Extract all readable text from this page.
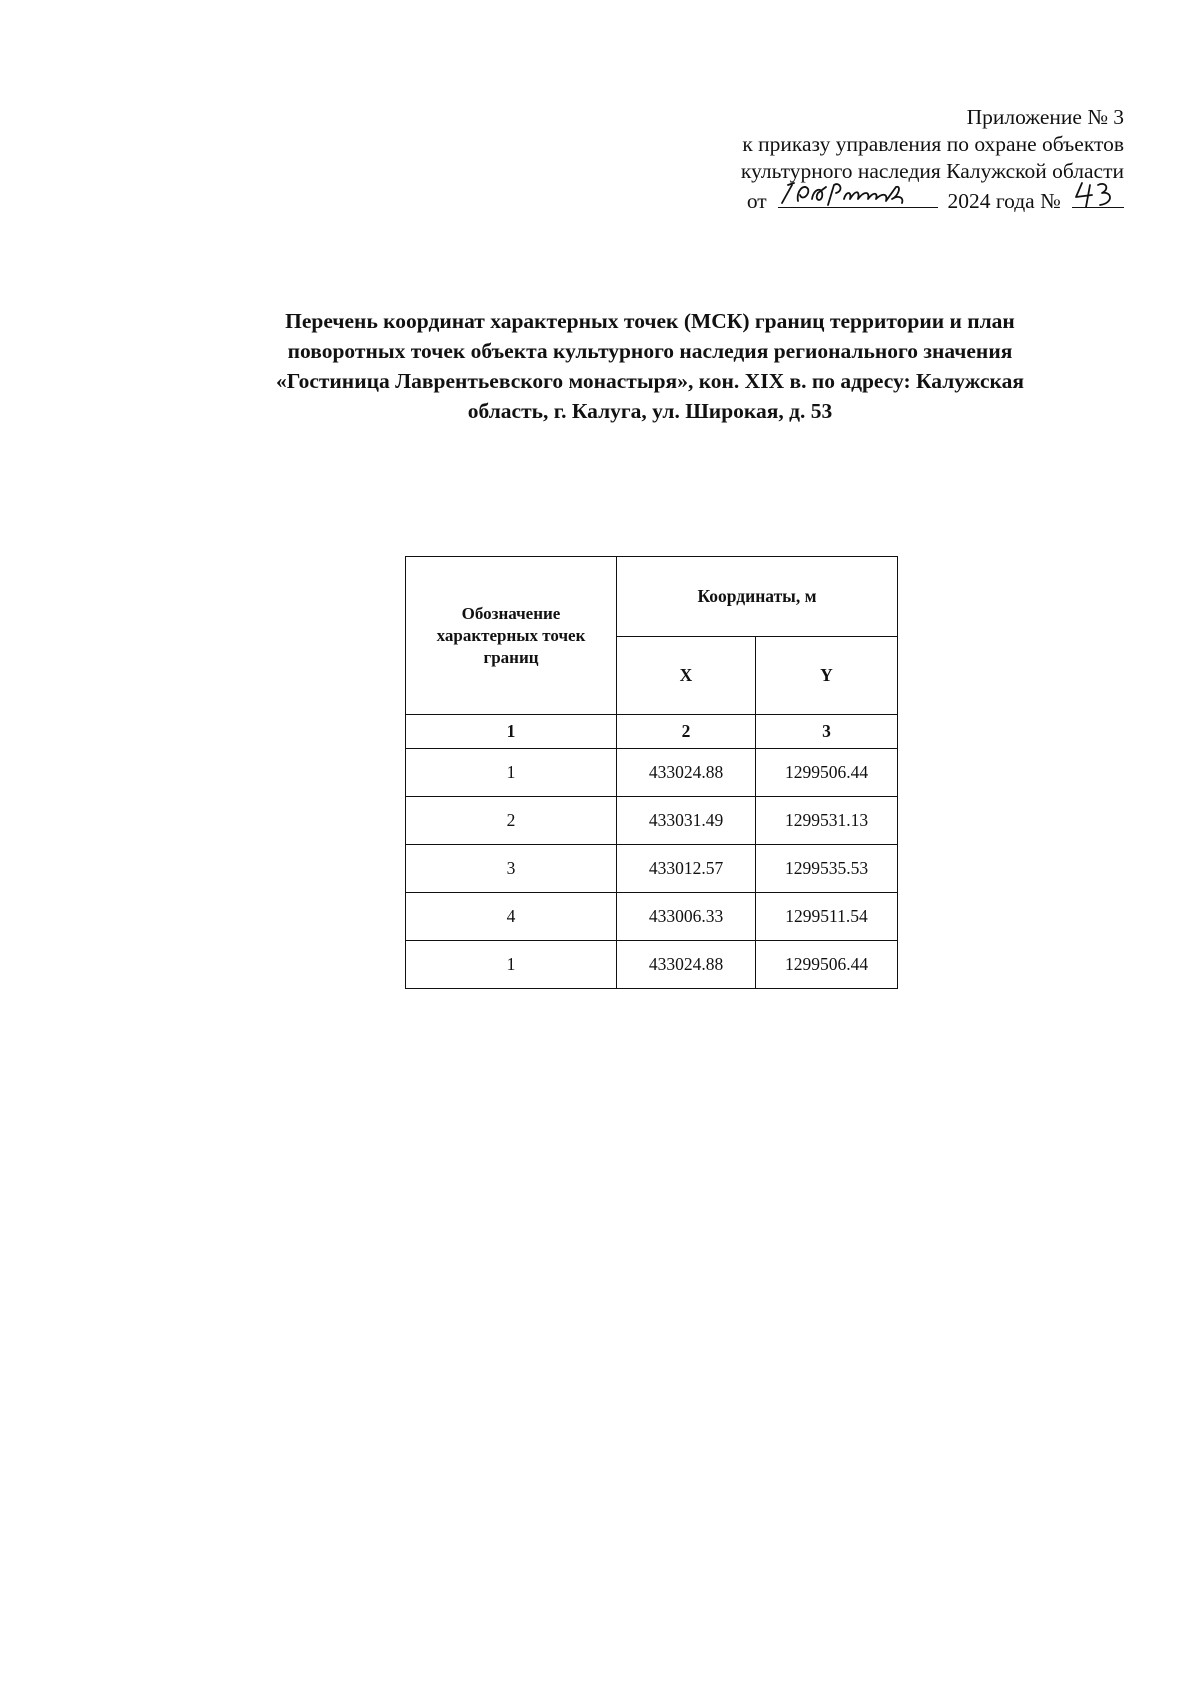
Приложение № 3
к приказу управления по охране объектов
культурного наследия Калужской области
от	2024 года №
Перечень координат характерных точек (МСК) границ территории и план
поворотных точек объекта культурного наследия регионального значения
«Гостиница Лаврентьевского монастыря», кон. XIX в. по адресу: Калужская
область, г. Калуга, ул. Широкая, д. 53
Обозначение
характерных точек
границ	Координаты, м	
	X	Y
1	2	3
1	433024.88	1299506.44
2	433031.49	1299531.13
3	433012.57	1299535.53
4	433006.33	1299511.54
1	433024.88	1299506.44
